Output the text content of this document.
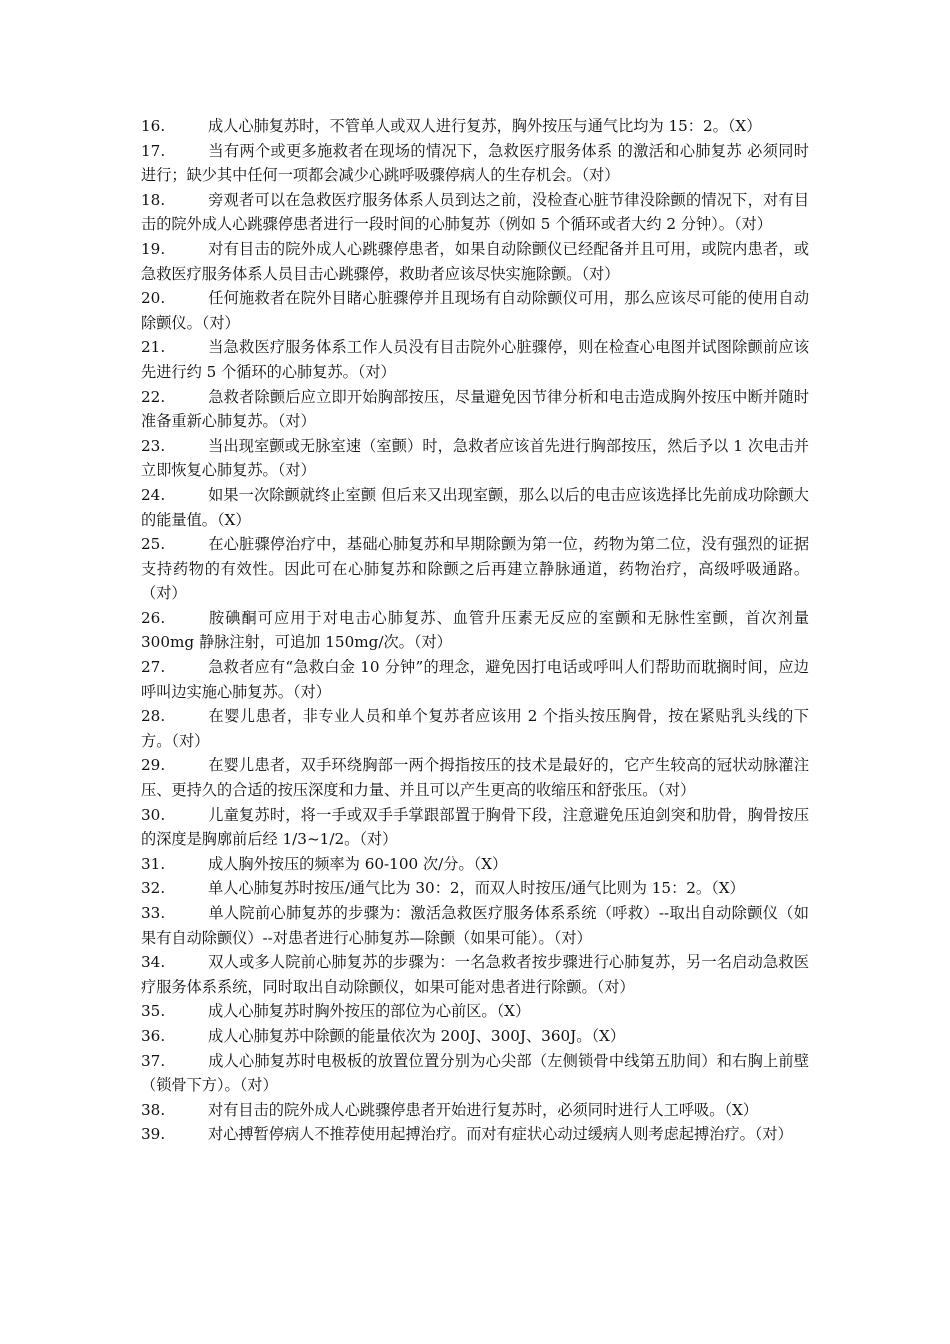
16.	成人心肺复苏时，不管单人或双人进行复苏，胸外按压与通气比均为 15：2。（X）

17.	当有两个或更多施救者在现场的情况下，急救医疗服务体系 的激活和心肺复苏 必须同时进行；缺少其中任何一项都会减少心跳呼吸骤停病人的生存机会。（对）

18.	旁观者可以在急救医疗服务体系人员到达之前，没检查心脏节律没除颤的情况下，对有目击的院外成人心跳骤停患者进行一段时间的心肺复苏（例如 5 个循环或者大约 2 分钟）。（对）

19.	对有目击的院外成人心跳骤停患者，如果自动除颤仪已经配备并且可用，或院内患者，或急救医疗服务体系人员目击心跳骤停，救助者应该尽快实施除颤。（对）

20.	任何施救者在院外目睹心脏骤停并且现场有自动除颤仪可用，那么应该尽可能的使用自动除颤仪。（对）

21.	当急救医疗服务体系工作人员没有目击院外心脏骤停，则在检查心电图并试图除颤前应该先进行约 5 个循环的心肺复苏。（对）

22.	急救者除颤后应立即开始胸部按压，尽量避免因节律分析和电击造成胸外按压中断并随时准备重新心肺复苏。（对）

23.	当出现室颤或无脉室速（室颤）时，急救者应该首先进行胸部按压，然后予以 1 次电击并立即恢复心肺复苏。（对）

24.	如果一次除颤就终止室颤 但后来又出现室颤，那么以后的电击应该选择比先前成功除颤大的能量值。（X）

25.	在心脏骤停治疗中，基础心肺复苏和早期除颤为第一位，药物为第二位，没有强烈的证据支持药物的有效性。因此可在心肺复苏和除颤之后再建立静脉通道，药物治疗，高级呼吸通路。（对）

26.	胺碘酮可应用于对电击心肺复苏、血管升压素无反应的室颤和无脉性室颤，首次剂量 300mg 静脉注射，可追加 150mg/次。（对）

27.	急救者应有“急救白金 10 分钟”的理念，避免因打电话或呼叫人们帮助而耽搁时间，应边呼叫边实施心肺复苏。（对）

28.	在婴儿患者，非专业人员和单个复苏者应该用 2 个指头按压胸骨，按在紧贴乳头线的下方。（对）

29.	在婴儿患者，双手环绕胸部一两个拇指按压的技术是最好的，它产生较高的冠状动脉灌注压、更持久的合适的按压深度和力量、并且可以产生更高的收缩压和舒张压。（对）

30.	儿童复苏时，将一手或双手手掌跟部置于胸骨下段，注意避免压迫剑突和肋骨，胸骨按压的深度是胸廓前后经 1/3~1/2。（对）

31.	成人胸外按压的频率为 60-100 次/分。（X）

32.	单人心肺复苏时按压/通气比为 30：2，而双人时按压/通气比则为 15：2。（X）

33.	单人院前心肺复苏的步骤为：激活急救医疗服务体系系统（呼救）--取出自动除颤仪（如果有自动除颤仪）--对患者进行心肺复苏—除颤（如果可能）。（对）

34.	双人或多人院前心肺复苏的步骤为：一名急救者按步骤进行心肺复苏，另一名启动急救医疗服务体系系统，同时取出自动除颤仪，如果可能对患者进行除颤。（对）

35.	成人心肺复苏时胸外按压的部位为心前区。（X）

36.	成人心肺复苏中除颤的能量依次为 200J、300J、360J。（X）

37.	成人心肺复苏时电极板的放置位置分别为心尖部（左侧锁骨中线第五肋间）和右胸上前壁（锁骨下方）。（对）

38.	对有目击的院外成人心跳骤停患者开始进行复苏时，必须同时进行人工呼吸。（X）

39.	对心搏暂停病人不推荐使用起搏治疗。而对有症状心动过缓病人则考虑起搏治疗。（对）
